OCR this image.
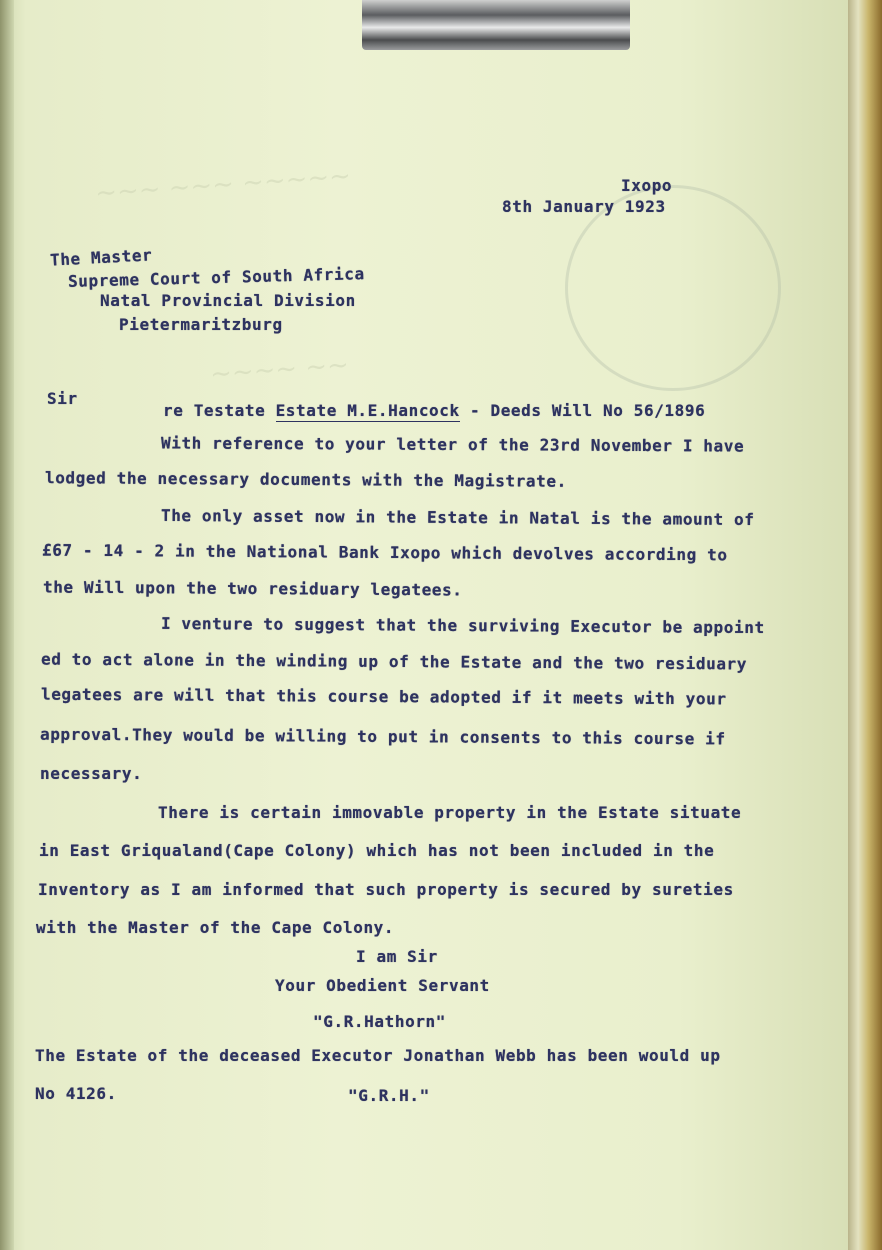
~~~ ~~~ ~~~~~
~~~~ ~~
Ixopo
8th January 1923
The Master
Supreme Court of South Africa
Natal Provincial Division
Pietermaritzburg
Sir
re Testate Estate M.E.Hancock - Deeds Will No 56/1896
With reference to your letter of the 23rd November I have
lodged the necessary documents with the Magistrate.
The only asset now in the Estate in Natal is the amount of
£67 - 14 - 2 in the National Bank Ixopo which devolves according to
the Will upon the two residuary legatees.
I venture to suggest that the surviving Executor be appoint
ed to act alone in the winding up of the Estate and the two residuary
legatees are will that this course be adopted if it meets with your
approval.They would be willing to put in consents to this course if
necessary.
There is certain immovable property in the Estate situate
in East Griqualand(Cape Colony) which has not been included in the
Inventory as I am informed that such property is secured by sureties
with the Master of the Cape Colony.
I am Sir
Your Obedient Servant
"G.R.Hathorn"
The Estate of the deceased Executor Jonathan Webb has been would up
No 4126.	"G.R.H."
